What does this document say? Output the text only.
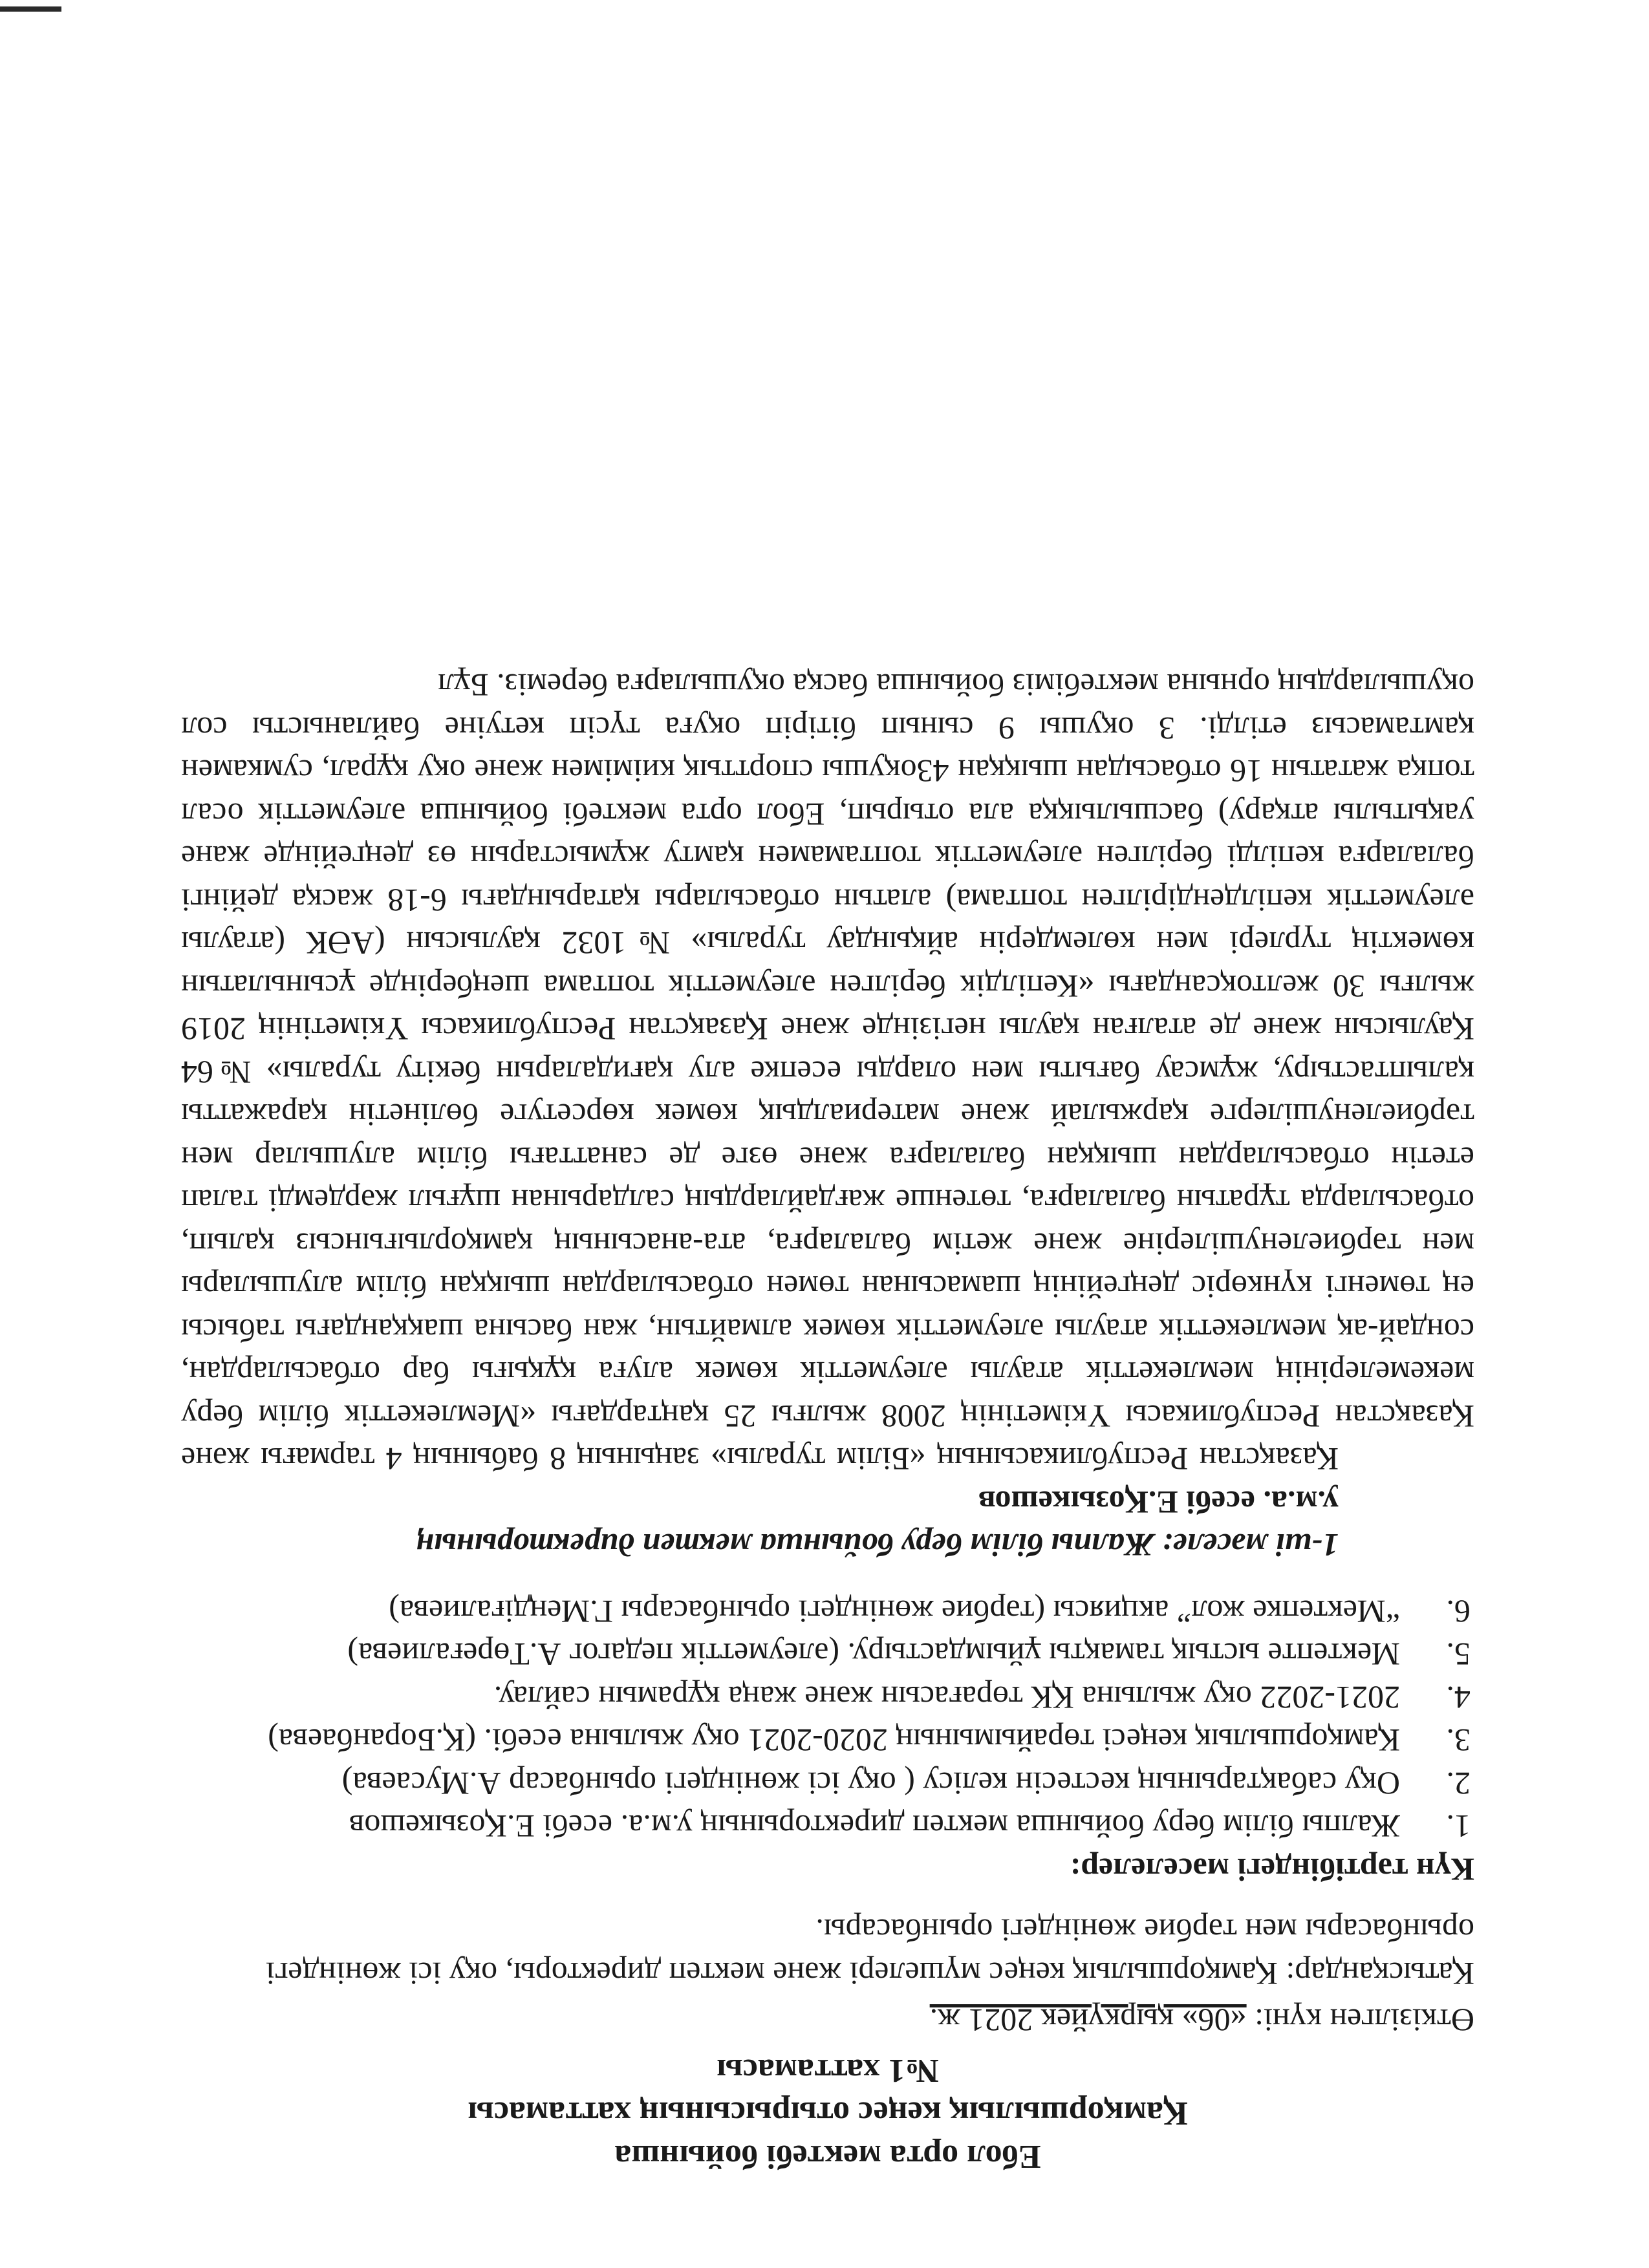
Ебол орта мектебі бойынша
Қамқоршылық кеңес отырысының хаттамасы
№1 хаттамасы
Өткізілген күні: «06» қыркүйек 2021 ж.
Қатысқандар: Қамқоршылық кеңес мүшелері және мектеп директоры, оқу ісі жөніндегі орынбасары мен тәрбие жөніндегі орынбасары.
Күн тәртібіндегі мәселелер:
1.
Жалпы білім беру бойынша мектеп директорының у.м.а. есебі Е.Қозыкешов
2.
Оқу сабақтарының кестесін келісу ( оқу ісі жөніндегі орынбасар А.Мусаева)
3.
Қамқоршылық кеңесі төрайымының 2020-2021 оқу жылына есебі. (Қ.Боранбаева)
4.
2021-2022 оқу жылына ҚК төрағасын және жаңа құрамын сайлау.
5.
Мектепте ыстық тамақты ұйымдастыру. (әлеуметтік педагог А.Төреғалиева)
6.
“Мектепке жол” акциясы (тәрбие жөніндегі орынбасары Г.Меңдіғалиева)
1-ші мәселе: Жалпы білім беру бойынша мектеп директорының
у.м.а. есебі Е.Қозыкешов

Қазақстан Республикасының «Білім туралы» заңының 8 бабының 4 тармағы және Қазақстан Республикасы Үкіметінің 2008 жылғы 25 қаңтардағы «Мемлекеттік білім беру мекемелерінің мемлекеттік атаулы әлеуметтік көмек алуға құқығы бар отбасылардан, сондай-ақ мемлекеттік атаулы әлеуметтік көмек алмайтын, жан басына шаққандағы табысы ең төменгі күнкөріс деңгейінің шамасынан төмен отбасылардан шыққан білім алушылары мен тәрбиеленушілеріне және жетім балаларға, ата-анасының қамқорлығынсыз қалып, отбасыларда тұратын балаларға, төтенше жағдайлардың салдарынан шұғыл жәрдемді талап ететін отбасылардан шыққан балаларға және өзге де санаттағы білім алушылар мен тәрбиеленушілерге қаржылай және материалдық көмек көрсетуге бөлінетін қаражатты қалыптастыру, жұмсау бағыты мен оларды есепке алу қағидаларын бекіту туралы» №64 Қаулысын және де аталған қаулы негізінде және Қазақстан Республикасы Үкіметінің 2019 жылғы 30 желтоқсандағы «Кепілдік берілген әлеуметтік топтама шеңберінде ұсынылатын көмектің түрлері мен көлемдерін айқындау туралы» №1032 қаулысын (АӘК (атаулы әлеуметтік кепілдендірілген топтама) алатын отбасылары қатарындағы 6-18 жасқа дейінгі балаларға кепілді берілген әлеуметтік топтамамен қамту жұмыстарын өз деңгейінде жане уақытылы атқару) басшылыққа ала отырып, Ебол орта мектебі бойынша әлеуметтік осал топқа жататын 16 отбасыдан шыққан 43оқушы спорттық киімімен және оқу құрал, сумкамен қамтамасыз етілді. 3 оқушы 9 сынып бітіріп оқуға түсіп кетуіне байланысты сол оқушылардың орнына мектебіміз бойынша басқа оқушыларға береміз. Бұл
